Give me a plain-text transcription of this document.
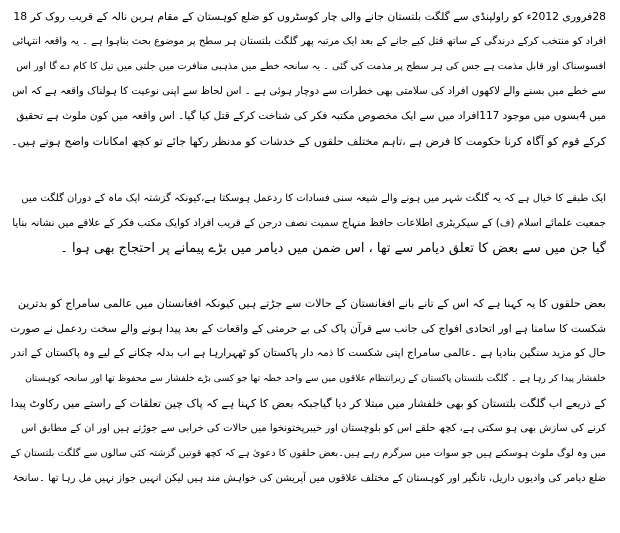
28فروری 2012ء کو راولپنڈی سے گلگت بلتستان جانے والی چار کوسٹروں کو ضلع کوہستان کے مقام ہربن نالہ کے قریب روک کر 18
افراد کو منتخب کرکے درندگی کے ساتھ قتل کیے جانے کے بعد ایک مرتبہ پھر گلگت بلتستان ہر سطح پر موضوع بحث بناہوا ہے ۔ یہ واقعہ انتہائی
افسوسناک اور قابل مذمت ہے جس کی ہر سطح پر مذمت کی گئی ۔ یہ سانحہ خطے میں مذہبی منافرت میں جلتی میں تیل کا کام دے گا اور اس
سے خطے میں بسنے والے لاکھوں افراد کی سلامتی بھی خطرات سے دوچار ہوئی ہے ۔ اس لحاظ سے اپنی نوعیت کا ہولناک واقعہ ہے کہ اس
میں 4بسوں میں موجود 117افراد میں سے ایک مخصوص مکتبہ فکر کی شناخت کرکے قتل کیا گیا۔ اس واقعہ میں کون ملوث ہے تحقیق
کرکے قوم کو آگاہ کرنا حکومت کا فرض ہے ،تاہم مختلف حلقوں کے خدشات کو مدنظر رکھا جائے تو کچھ امکانات واضح ہوتے ہیں۔
ایک طبقے کا خیال ہے کہ یہ گلگت شہر میں ہونے والے شیعہ سنی فسادات کا ردعمل ہوسکتا ہے،کیونکہ گزشتہ ایک ماہ کے دوران گلگت میں
جمعیت علمائے اسلام (ف) کے سیکریٹری اطلاعات حافظ منہاج سمیت نصف درجن کے قریب افراد کوایک مکتب فکر کے علاقے میں نشانہ بنایا
گیا جن میں سے بعض کا تعلق دیامر سے تھا ، اس ضمن میں دیامر میں بڑے پیمانے پر احتجاج بھی ہوا ۔
بعض حلقوں کا یہ کہنا ہے کہ اس کے تانے بانے افغانستان کے حالات سے جڑتے ہیں کیونکہ افغانستان میں عالمی سامراج کو بدترین
شکست کا سامنا ہے اور اتحادی افواج کی جانب سے قرآن پاک کی بے حرمتی کے واقعات کے بعد پیدا ہونے والے سخت ردعمل نے صورت
حال کو مزید سنگین بنادیا ہے ۔عالمی سامراج اپنی شکست کا ذمہ دار پاکستان کو ٹھہرارہا ہے اب بدلہ چکانے کے لیے وہ پاکستان کے اندر
خلفشار پیدا کر رہا ہے ۔ گلگت بلتستان پاکستان کے زیرانتظام علاقوں میں سے واحد خطہ تھا جو کسی بڑے خلفشار سے محفوظ تھا اور سانحہ کوہستان
کے ذریعے اب گلگت بلتستان کو بھی خلفشار میں مبتلا کر دیا گیاجبکہ بعض کا کہنا ہے کہ پاک چین تعلقات کے راستے میں رکاوٹ پیدا
کرنے کی سازش بھی ہو سکتی ہے، کچھ حلقے اس کو بلوچستان اور خیبرپختونخوا میں حالات کی خرابی سے جوڑتے ہیں اور ان کے مطابق اس
میں وہ لوگ ملوث ہوسکتے ہیں جو سوات میں سرگرم رہے ہیں۔بعض حلقوں کا دعویٰ ہے کہ کچھ قوتیں گزشتہ کئی سالوں سے گلگت بلتستان کے
ضلع دیامر کی وادیوں داریل، تانگیر اور کوہستان کے مختلف علاقوں میں آپریشن کی خواہش مند ہیں لیکن انہیں جواز نہیں مل رہا تھا ۔سانحۂ
